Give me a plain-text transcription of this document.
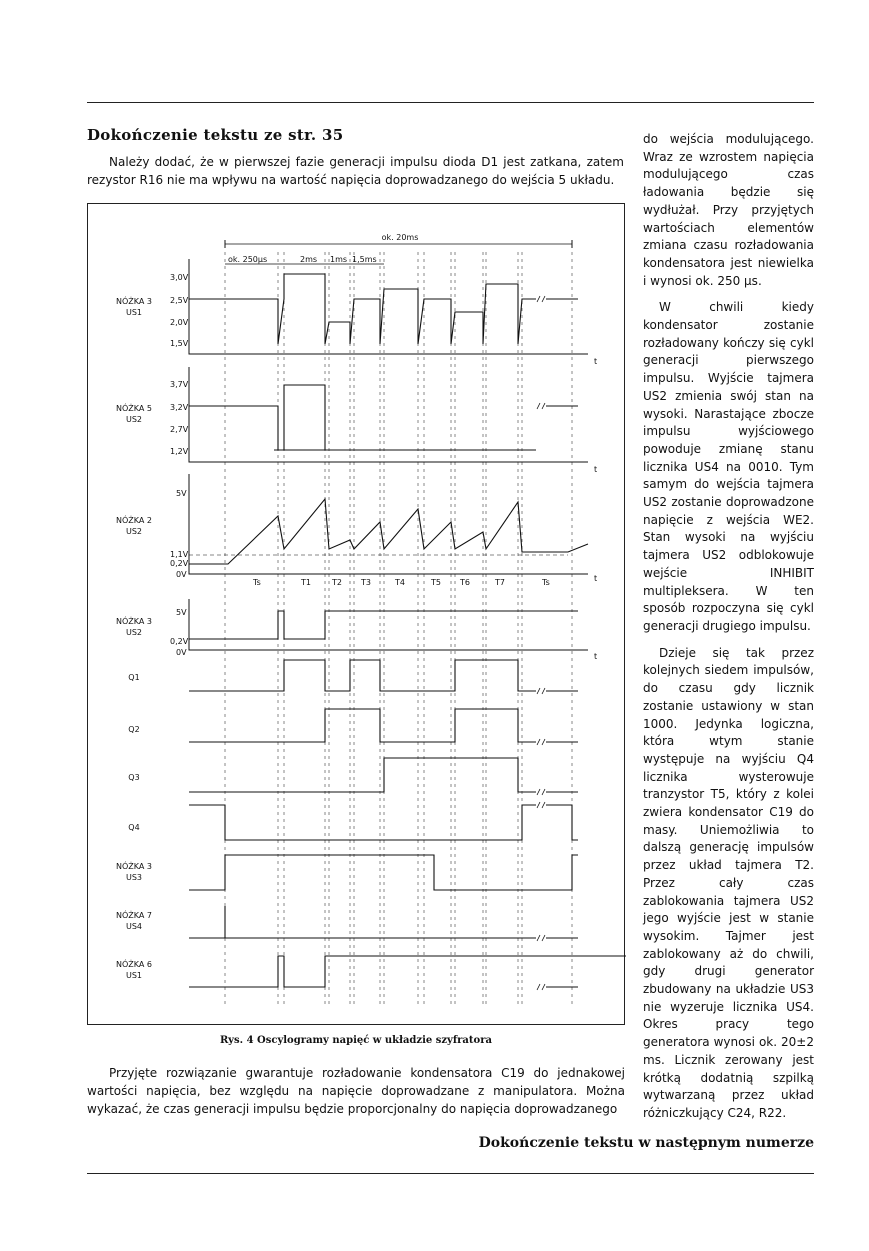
Dokończenie tekstu ze str. 35
Należy dodać, że w pierwszej fazie generacji impulsu dioda D1 jest zatkana, zatem rezystor R16 nie ma wpływu na wartość napięcia doprowadzanego do wejścia 5 układu.
ok. 20ms
ok. 250µs	2ms 1ms 1,5ms
NÓŻKA 3
US1
NÓŻKA 5
US2
NÓŻKA 2
US2
NÓŻKA 3
US2
Q1
Q2
Q3
Q4
NÓŻKA 3
US3
NÓŻKA 7
US4
NÓŻKA 6
US1
3,0V
2,5V
2,0V
1,5V
3,7V
3,2V
2,7V
1,2V
5V
1,1V
0,2V
0V
5V
0,2V
0V
Ts	T1	T2 T3	T4	T5 T6	T7	Ts
t
t
t
t
Rys. 4 Oscylogramy napięć w układzie szyfratora
Przyjęte rozwiązanie gwarantuje rozładowanie kondensatora C19 do jednakowej wartości napięcia, bez względu na napięcie doprowadzane z manipulatora. Można wykazać, że czas generacji impulsu będzie proporcjonalny do napięcia doprowadzanego

do wejścia modulującego. Wraz ze wzrostem napięcia modulującego czas ładowania będzie się wydłużał. Przy przyjętych wartościach elementów zmiana czasu rozładowania kondensatora jest niewielka i wynosi ok. 250 µs.

W chwili kiedy kondensator zostanie rozładowany kończy się cykl generacji pierwszego impulsu. Wyjście tajmera US2 zmienia swój stan na wysoki. Narastające zbocze impulsu wyjściowego powoduje zmianę stanu licznika US4 na 0010. Tym samym do wejścia tajmera US2 zostanie doprowadzone napięcie z wejścia WE2. Stan wysoki na wyjściu tajmera US2 odblokowuje wejście INHIBIT multipleksera. W ten sposób rozpoczyna się cykl generacji drugiego impulsu.

Dzieje się tak przez kolejnych siedem impulsów, do czasu gdy licznik zostanie ustawiony w stan 1000. Jedynka logiczna, która wtym stanie występuje na wyjściu Q4 licznika wysterowuje tranzystor T5, który z kolei zwiera kondensator C19 do masy. Uniemożliwia to dalszą generację impulsów przez układ tajmera T2. Przez cały czas zablokowania tajmera US2 jego wyjście jest w stanie wysokim. Tajmer jest zablokowany aż do chwili, gdy drugi generator zbudowany na układzie US3 nie wyzeruje licznika US4. Okres pracy tego generatora wynosi ok. 20±2 ms. Licznik zerowany jest krótką dodatnią szpilką wytwarzaną przez układ różniczkujący C24, R22.

Dokończenie tekstu w następnym numerze
